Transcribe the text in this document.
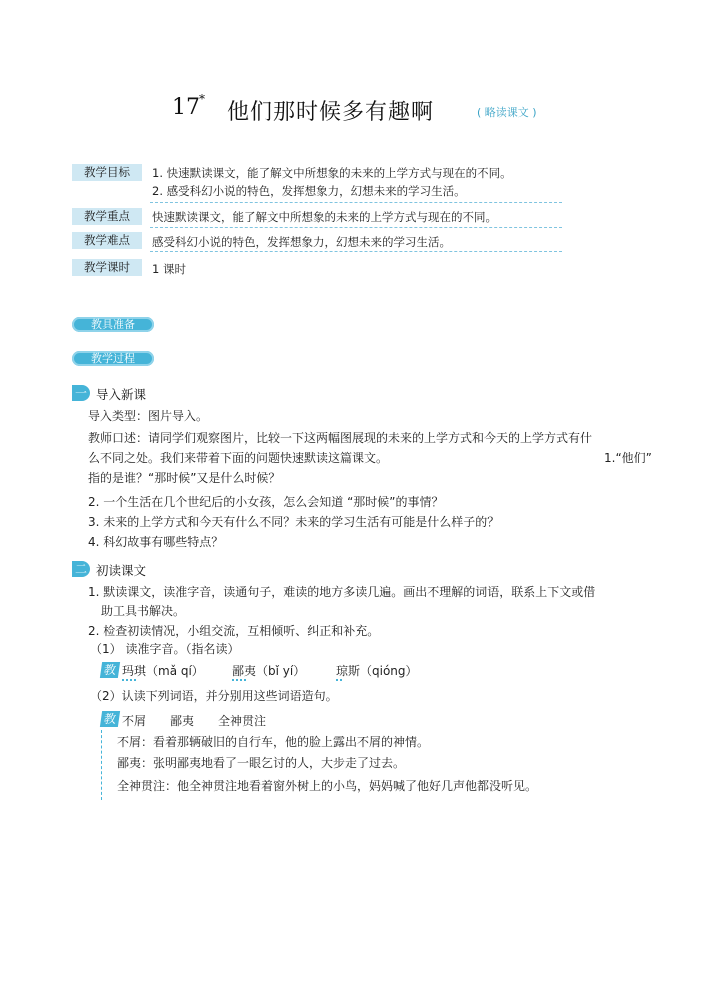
17 *
他们那时候多有趣啊	( 略读课文 )
教学目标	1. 快速默读课文，能了解文中所想象的未来的上学方式与现在的不同。
2. 感受科幻小说的特色，发挥想象力，幻想未来的学习生活。
教学重点	快速默读课文，能了解文中所想象的未来的上学方式与现在的不同。
教学难点	感受科幻小说的特色，发挥想象力，幻想未来的学习生活。
教学课时	1 课时
教具准备
教学过程
一 导入新课
导入类型：图片导入。
教师口述：请同学们观察图片，比较一下这两幅图展现的未来的上学方式和今天的上学方式有什
么不同之处。我们来带着下面的问题快速默读这篇课文。	1.“他们”
指的是谁？“那时候”又是什么时候？
2. 一个生活在几个世纪后的小女孩，怎么会知道 “那时候”的事情？
3. 未来的上学方式和今天有什么不同？未来的学习生活有可能是什么样子的？
4. 科幻故事有哪些特点？
二 初读课文
1. 默读课文，读准字音，读通句子，难读的地方多读几遍。画出不理解的词语，联系上下文或借
助工具书解决。
2. 检查初读情况，小组交流，互相倾听、纠正和补充。
（1） 读准字音。（指名读）
教 玛琪（mǎ qí） 鄙夷（bǐ yí）	琼斯（qióng）
（2）认读下列词语，并分别用这些词语造句。
教 不屑 鄙夷 全神贯注
不屑：看着那辆破旧的自行车，他的脸上露出不屑的神情。
鄙夷：张明鄙夷地看了一眼乞讨的人，大步走了过去。
全神贯注：他全神贯注地看着窗外树上的小鸟，妈妈喊了他好几声他都没听见。
